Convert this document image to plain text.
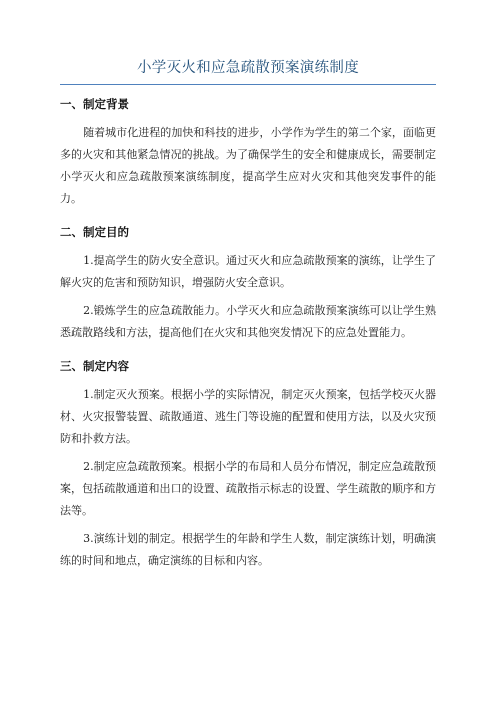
小学灭火和应急疏散预案演练制度
一、制定背景

随着城市化进程的加快和科技的进步，小学作为学生的第二个家，面临更多的火灾和其他紧急情况的挑战。为了确保学生的安全和健康成长，需要制定小学灭火和应急疏散预案演练制度，提高学生应对火灾和其他突发事件的能力。

二、制定目的

1.提高学生的防火安全意识。通过灭火和应急疏散预案的演练，让学生了解火灾的危害和预防知识，增强防火安全意识。

2.锻炼学生的应急疏散能力。小学灭火和应急疏散预案演练可以让学生熟悉疏散路线和方法，提高他们在火灾和其他突发情况下的应急处置能力。

三、制定内容

1.制定灭火预案。根据小学的实际情况，制定灭火预案，包括学校灭火器材、火灾报警装置、疏散通道、逃生门等设施的配置和使用方法，以及火灾预防和扑救方法。

2.制定应急疏散预案。根据小学的布局和人员分布情况，制定应急疏散预案，包括疏散通道和出口的设置、疏散指示标志的设置、学生疏散的顺序和方法等。

3.演练计划的制定。根据学生的年龄和学生人数，制定演练计划，明确演练的时间和地点，确定演练的目标和内容。
